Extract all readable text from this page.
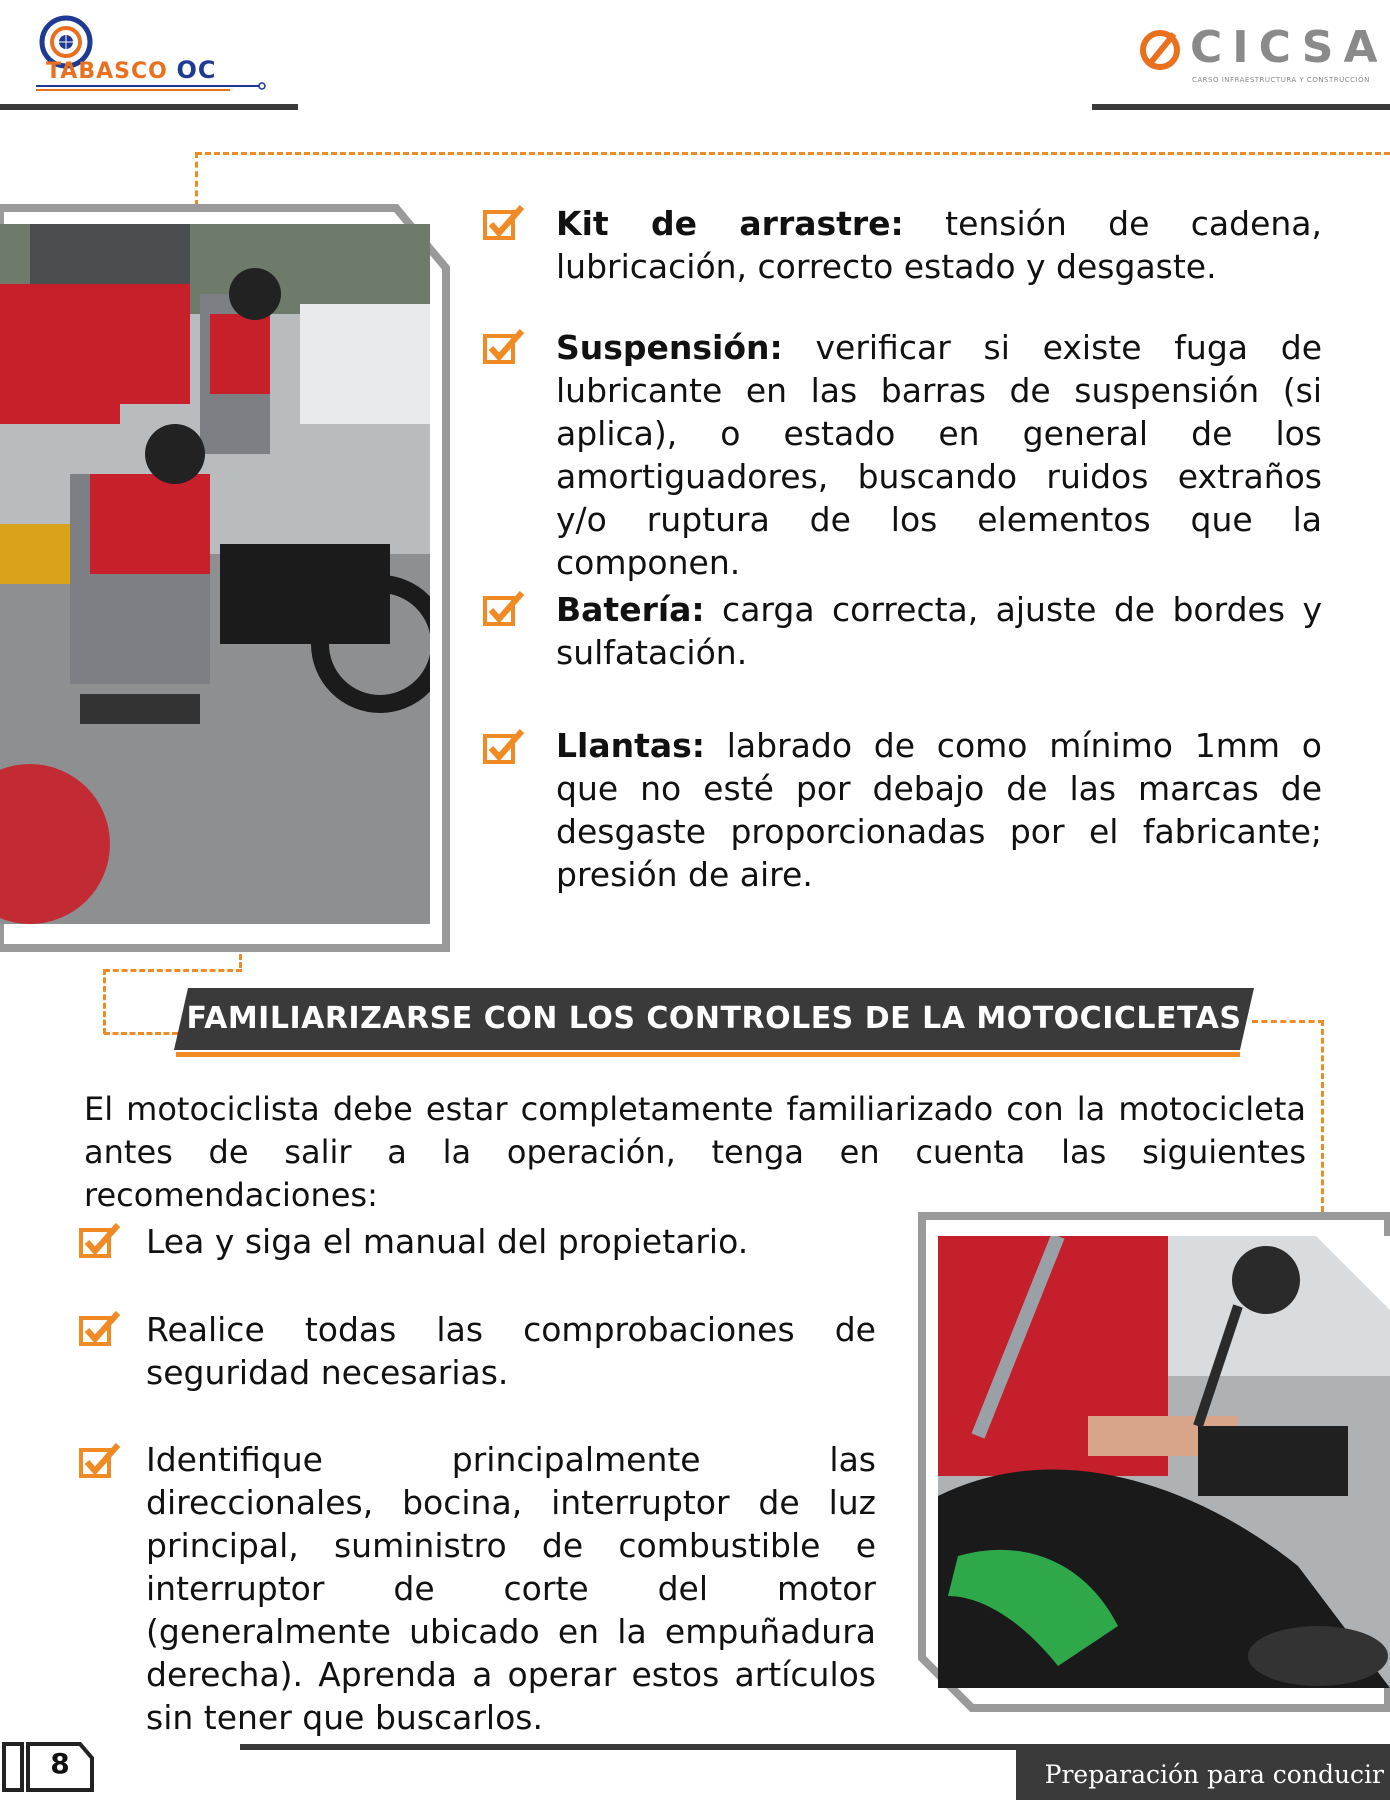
TABASCO OC	CICSA
CARSO INFRAESTRUCTURA Y CONSTRUCCIÓN
Kit de arrastre: tensión de cadena, lubricación, correcto estado y desgaste.
Suspensión: verificar si existe fuga de lubricante en las barras de suspensión (si aplica), o estado en general de los amortiguadores, buscando ruidos extraños y/o ruptura de los elementos que la componen.
Batería: carga correcta, ajuste de bordes y sulfatación.
Llantas: labrado de como mínimo 1mm o que no esté por debajo de las marcas de desgaste proporcionadas por el fabricante; presión de aire.
FAMILIARIZARSE CON LOS CONTROLES DE LA MOTOCICLETAS
El motociclista debe estar completamente familiarizado con la motocicleta antes de salir a la operación, tenga en cuenta las siguientes recomendaciones:
Lea y siga el manual del propietario.
Realice todas las comprobaciones de seguridad necesarias.
Identifique principalmente las direccionales, bocina, interruptor de luz principal, suministro de combustible e interruptor de corte del motor (generalmente ubicado en la empuñadura derecha). Aprenda a operar estos artículos sin tener que buscarlos.
8	Preparación para conducir
